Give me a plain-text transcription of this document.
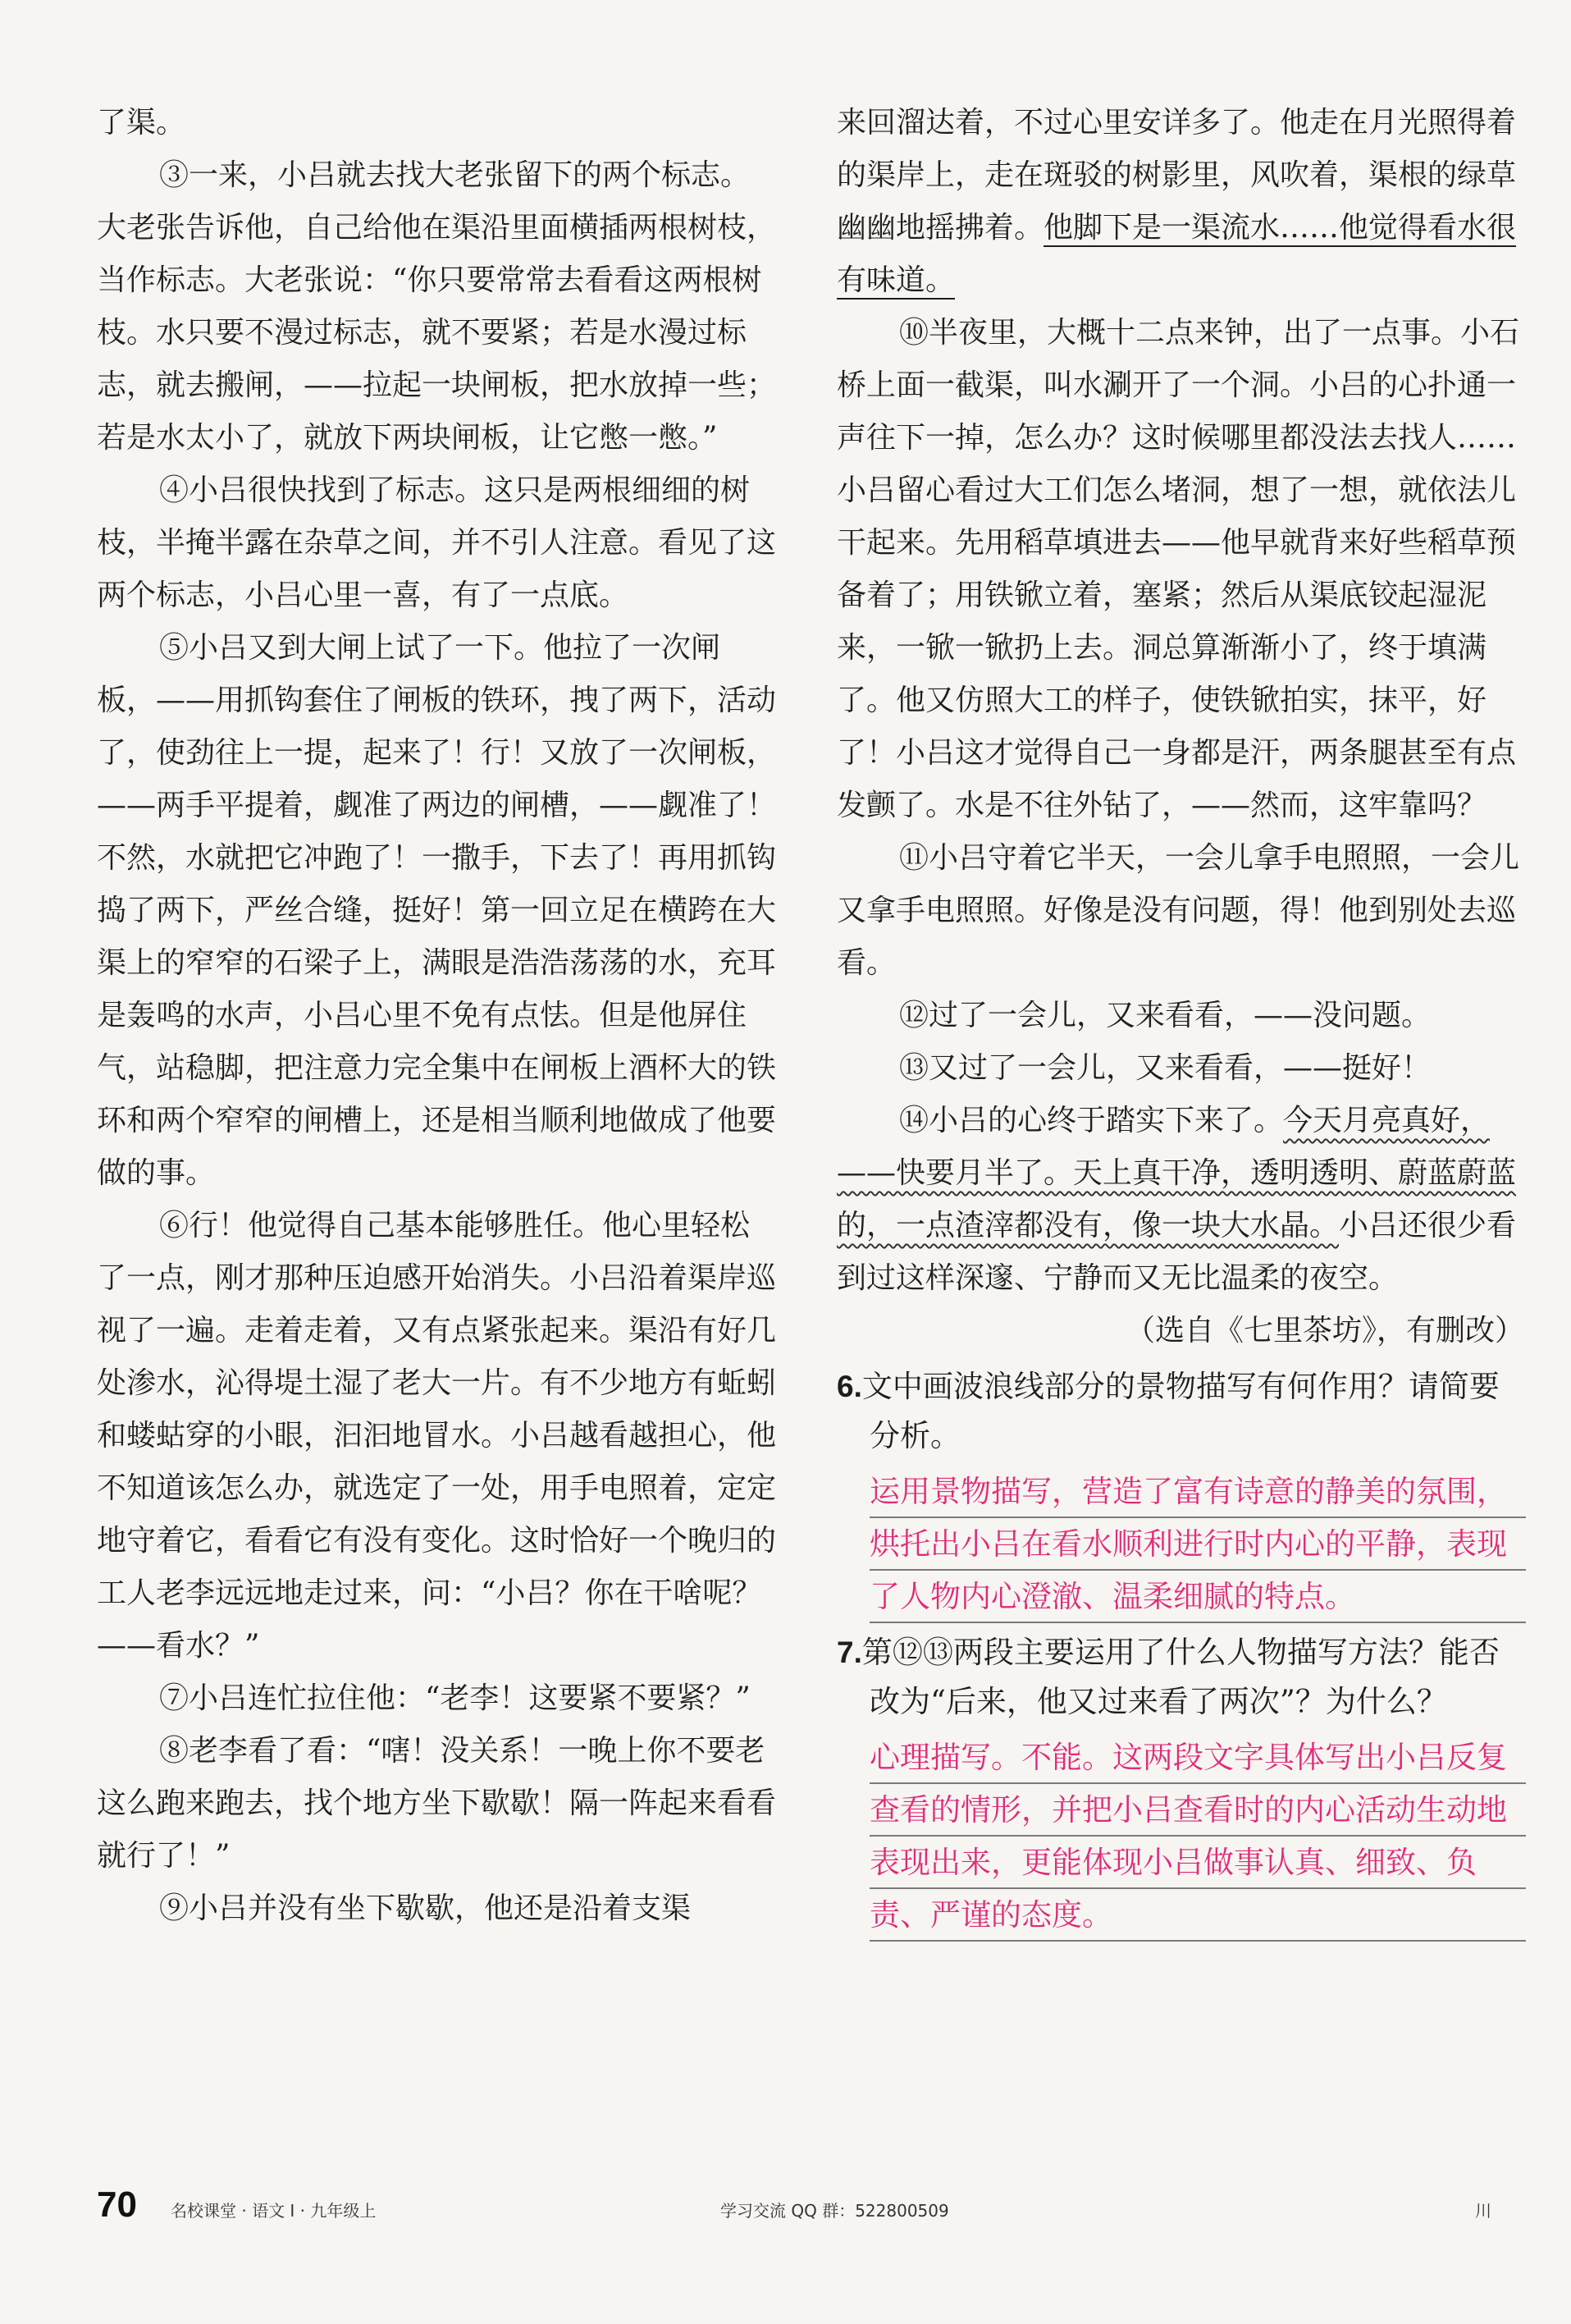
了渠。

③一来，小吕就去找大老张留下的两个标志。大老张告诉他，自己给他在渠沿里面横插两根树枝，当作标志。大老张说：“你只要常常去看看这两根树枝。水只要不漫过标志，就不要紧；若是水漫过标志，就去搬闸，——拉起一块闸板，把水放掉一些；若是水太小了，就放下两块闸板，让它憋一憋。”

④小吕很快找到了标志。这只是两根细细的树枝，半掩半露在杂草之间，并不引人注意。看见了这两个标志，小吕心里一喜，有了一点底。

⑤小吕又到大闸上试了一下。他拉了一次闸板，——用抓钩套住了闸板的铁环，拽了两下，活动了，使劲往上一提，起来了！行！又放了一次闸板，——两手平提着，觑准了两边的闸槽，——觑准了！不然，水就把它冲跑了！一撒手，下去了！再用抓钩捣了两下，严丝合缝，挺好！第一回立足在横跨在大渠上的窄窄的石梁子上，满眼是浩浩荡荡的水，充耳是轰鸣的水声，小吕心里不免有点怯。但是他屏住气，站稳脚，把注意力完全集中在闸板上酒杯大的铁环和两个窄窄的闸槽上，还是相当顺利地做成了他要做的事。

⑥行！他觉得自己基本能够胜任。他心里轻松了一点，刚才那种压迫感开始消失。小吕沿着渠岸巡视了一遍。走着走着，又有点紧张起来。渠沿有好几处渗水，沁得堤土湿了老大一片。有不少地方有蚯蚓和蝼蛄穿的小眼，汩汩地冒水。小吕越看越担心，他不知道该怎么办，就选定了一处，用手电照着，定定地守着它，看看它有没有变化。这时恰好一个晚归的工人老李远远地走过来，问：“小吕？你在干啥呢？——看水？”

⑦小吕连忙拉住他：“老李！这要紧不要紧？”

⑧老李看了看：“嗐！没关系！一晚上你不要老这么跑来跑去，找个地方坐下歇歇！隔一阵起来看看就行了！”

⑨小吕并没有坐下歇歇，他还是沿着支渠

来回溜达着，不过心里安详多了。他走在月光照得着的渠岸上，走在斑驳的树影里，风吹着，渠根的绿草幽幽地摇拂着。他脚下是一渠流水……他觉得看水很有味道。

⑩半夜里，大概十二点来钟，出了一点事。小石桥上面一截渠，叫水涮开了一个洞。小吕的心扑通一声往下一掉，怎么办？这时候哪里都没法去找人……小吕留心看过大工们怎么堵洞，想了一想，就依法儿干起来。先用稻草填进去——他早就背来好些稻草预备着了；用铁锨立着，塞紧；然后从渠底铰起湿泥来，一锨一锨扔上去。洞总算渐渐小了，终于填满了。他又仿照大工的样子，使铁锨拍实，抹平，好了！小吕这才觉得自己一身都是汗，两条腿甚至有点发颤了。水是不往外钻了，——然而，这牢靠吗？

⑪小吕守着它半天，一会儿拿手电照照，一会儿又拿手电照照。好像是没有问题，得！他到别处去巡看。

⑫过了一会儿，又来看看，——没问题。

⑬又过了一会儿，又来看看，——挺好！

⑭小吕的心终于踏实下来了。今天月亮真好，——快要月半了。天上真干净，透明透明、蔚蓝蔚蓝的，一点渣滓都没有，像一块大水晶。小吕还很少看到过这样深邃、宁静而又无比温柔的夜空。

（选自《七里茶坊》，有删改）

6.文中画波浪线部分的景物描写有何作用？请简要分析。

运用景物描写，营造了富有诗意的静美的氛围，烘托出小吕在看水顺利进行时内心的平静，表现了人物内心澄澈、温柔细腻的特点。

7.第⑫⑬两段主要运用了什么人物描写方法？能否改为“后来，他又过来看了两次”？为什么？

心理描写。不能。这两段文字具体写出小吕反复查看的情形，并把小吕查看时的内心活动生动地表现出来，更能体现小吕做事认真、细致、负责、严谨的态度。
70 名校课堂 · 语文 I · 九年级上	学习交流 QQ 群：522800509	川
